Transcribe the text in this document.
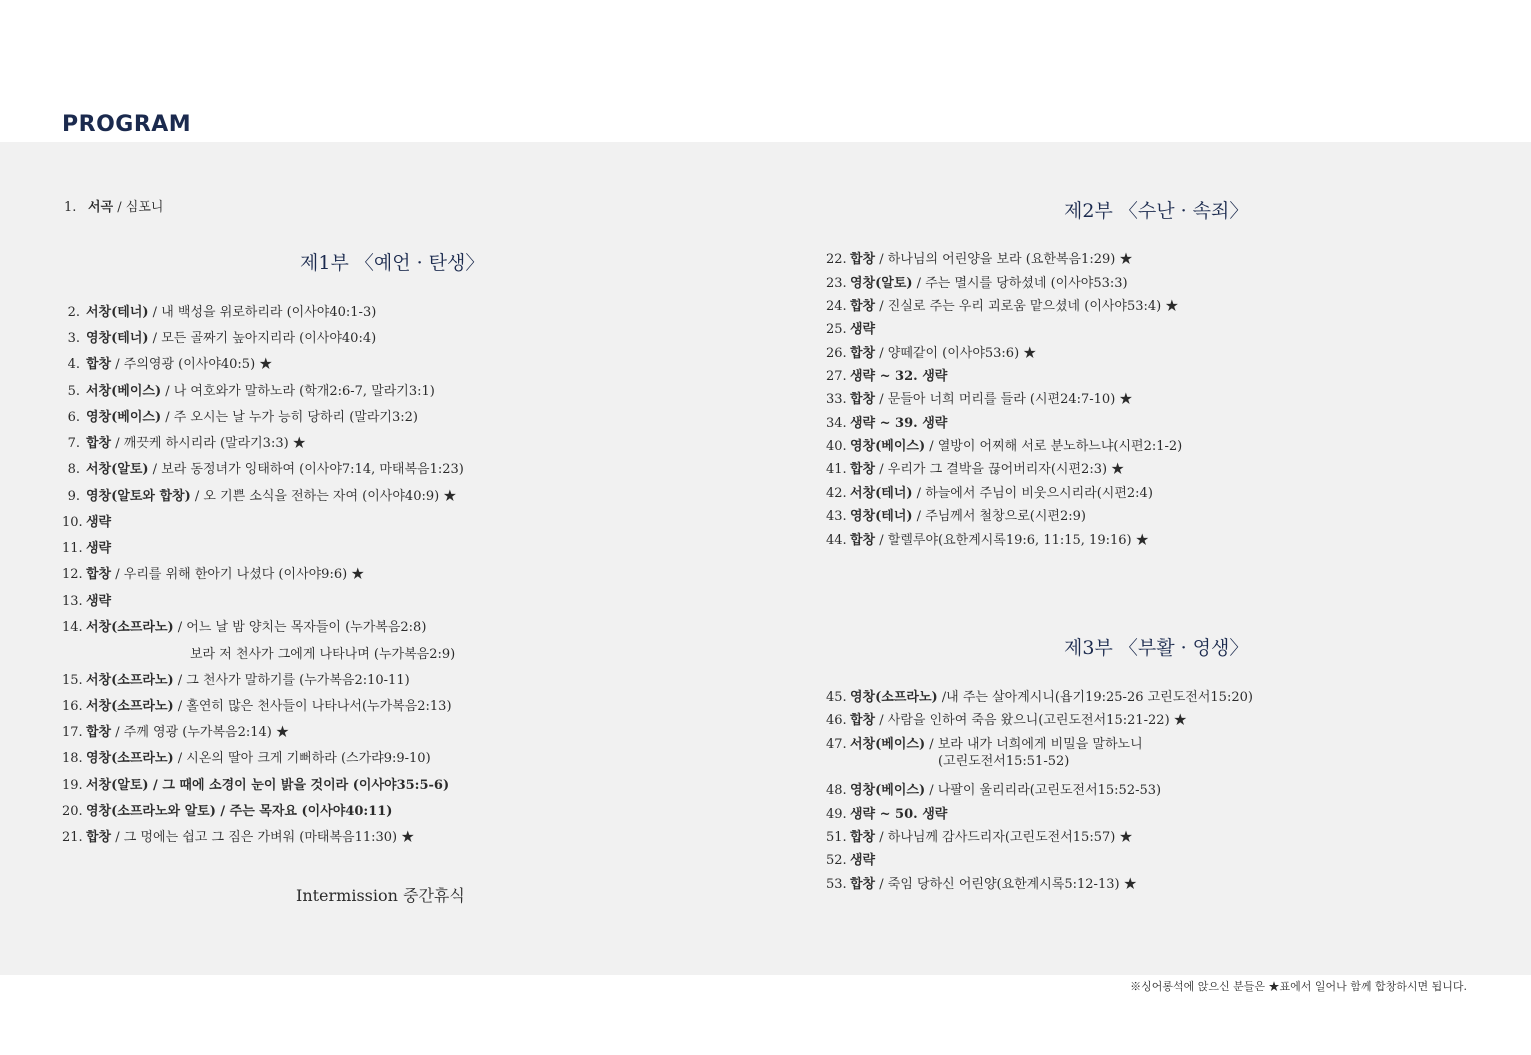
PROGRAM
1. 서곡 / 심포니
제1부 〈예언 · 탄생〉
2. 서창(테너) / 내 백성을 위로하리라 (이사야40:1-3)
3. 영창(테너) / 모든 골짜기 높아지리라 (이사야40:4)
4. 합창 / 주의영광 (이사야40:5) ★
5. 서창(베이스) / 나 여호와가 말하노라 (학개2:6-7, 말라기3:1)
6. 영창(베이스) / 주 오시는 날 누가 능히 당하리 (말라기3:2)
7. 합창 / 깨끗케 하시리라 (말라기3:3) ★
8. 서창(알토) / 보라 동정녀가 잉태하여 (이사야7:14, 마태복음1:23)
9. 영창(알토와 합창) / 오 기쁜 소식을 전하는 자여 (이사야40:9) ★
10. 생략
11. 생략
12. 합창 / 우리를 위해 한아기 나셨다 (이사야9:6) ★
13. 생략
14. 서창(소프라노) / 어느 날 밤 양치는 목자들이 (누가복음2:8)
15. 서창(소프라노) / 그 천사가 말하기를 (누가복음2:10-11)
16. 서창(소프라노) / 홀연히 많은 천사들이 나타나서(누가복음2:13)
17. 합창 / 주께 영광 (누가복음2:14) ★
18. 영창(소프라노) / 시온의 딸아 크게 기뻐하라 (스가랴9:9-10)
19. 서창(알토) / 그 때에 소경이 눈이 밝을 것이라 (이사야35:5-6)
20. 영창(소프라노와 알토) / 주는 목자요 (이사야40:11)
21. 합창 / 그 멍에는 쉽고 그 짐은 가벼워 (마태복음11:30) ★
보라 저 천사가 그에게 나타나며 (누가복음2:9)
Intermission 중간휴식
제2부 〈수난 · 속죄〉
22. 합창 / 하나님의 어린양을 보라 (요한복음1:29) ★
23. 영창(알토) / 주는 멸시를 당하셨네 (이사야53:3)
24. 합창 / 진실로 주는 우리 괴로움 맡으셨네 (이사야53:4) ★
25. 생략
26. 합창 / 양떼같이 (이사야53:6) ★
27. 생략 ~ 32. 생략
33. 합창 / 문들아 너희 머리를 들라 (시편24:7-10) ★
34. 생략 ~ 39. 생략
40. 영창(베이스) / 열방이 어찌해 서로 분노하느냐(시편2:1-2)
41. 합창 / 우리가 그 결박을 끊어버리자(시편2:3) ★
42. 서창(테너) / 하늘에서 주님이 비웃으시리라(시편2:4)
43. 영창(테너) / 주님께서 철창으로(시편2:9)
44. 합창 / 할렐루야(요한계시록19:6, 11:15, 19:16) ★
제3부 〈부활 · 영생〉
45. 영창(소프라노) /내 주는 살아계시니(욥기19:25-26 고린도전서15:20)
46. 합창 / 사람을 인하여 죽음 왔으니(고린도전서15:21-22) ★
47. 서창(베이스) / 보라 내가 너희에게 비밀을 말하노니
48. 영창(베이스) / 나팔이 울리리라(고린도전서15:52-53)
49. 생략 ~ 50. 생략
51. 합창 / 하나님께 감사드리자(고린도전서15:57) ★
52. 생략
53. 합창 / 죽임 당하신 어린양(요한계시록5:12-13) ★
(고린도전서15:51-52)
※싱어롱석에 앉으신 분들은 ★표에서 일어나 함께 합창하시면 됩니다.
